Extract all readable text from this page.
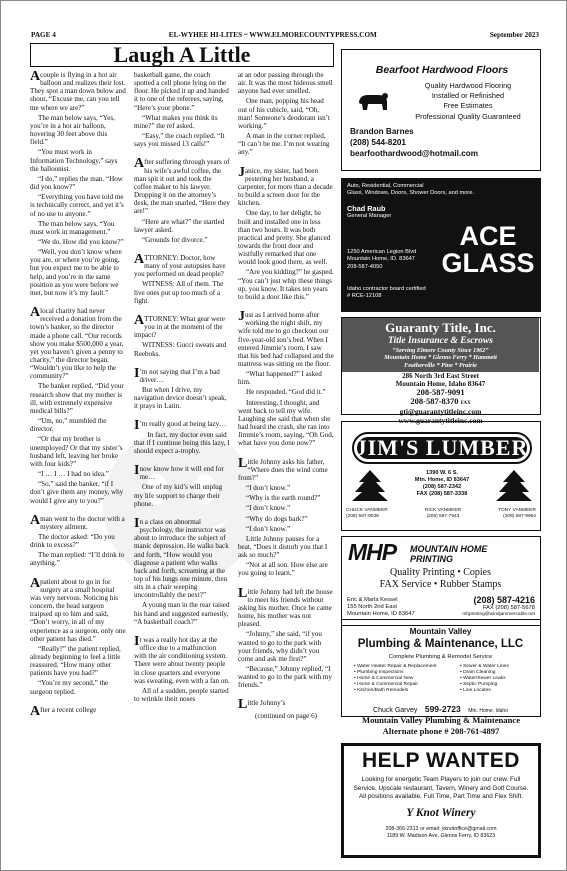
PAGE 4	EL-WYHEE HI-LITES ~ WWW.ELMORECOUNTYPRESS.COM	September 2023
Laugh A Little

A couple is flying in a hot air balloon and realizes their lost. They spot a man down below and shout, “Excuse me, can you tell me where we are?”

The man below says, “Yes, you’re in a hot air balloon, hovering 30 feet above this field.”

“You must work in Information Technology,” says the balloonist.

“I do,” replies the man. “How did you know?”

“Everything you have told me is technically correct, and yet it’s of no use to anyone.”

The man below says, “You must work in management.”

“We do. How did you know?”

“Well, you don’t know where you are, or where you’re going, but you expect me to be able to help, and you’re in the same position as you were before we met, but now it’s my fault.”

A local charity had never received a donation from the town’s banker, so the director made a phone call. “Our records show you make $500,000 a year, yet you haven’t given a penny to charity,” the director began. “Wouldn’t you like to help the community?”

The banker replied, “Did your research show that my mother is ill, with extremely expensive medical bills?”

“Um, no,” mumbled the director.

“Or that my brother is unemployed? Or that my sister’s husband left, leaving her broke with four kids?”

“I … I … I had no idea.”

“So,” said the banker, “if I don’t give them any money, why would I give any to you?”

A man went to the doctor with a mystery ailment.

The doctor asked: “Do you drink to excess?”

The man replied: “I’ll drink to anything.”

A patient about to go in for surgery at a small hospital was very nervous. Noticing his concern, the head surgeon traipsed up to him and said, “Don’t worry, in all of my experience as a surgeon, only one other patient has died.”

“Really?” the patient replied, already beginning to feel a little reassured. “How many other patients have you had?”

“You’re my second,” the surgeon replied.

After a recent college

basketball game, the coach spotted a cell phone lying on the floor. He picked it up and handed it to one of the referees, saying, “Here’s your phone.”

“What makes you think its mine?” the ref asked.

“Easy,” the coach replied. “It says you missed 13 calls!”

After suffering through years of his wife’s awful coffee, the man spit it out and took the coffee maker to his lawyer. Dropping it on the attorney’s desk, the man snarled, “Here they are!”

“Here are what?” the startled lawyer asked.

“Grounds for divorce.”

ATTORNEY: Doctor, how many of your autopsies have you performed on dead people?

WITNESS: All of them. The live ones put up too much of a fight.

ATTORNEY: What gear were you in at the moment of the impact?

WITNESS: Gucci sweats and Reeboks.

I ’m not saying that I’m a bad driver…

But when I drive, my navigation device doesn’t speak, it prays in Latin.

I ’m really good at being lazy…

In fact, my doctor even said that if I continue being this lazy, I should expect a-trophy.

I now know how it will end for me…

One of my kid’s will unplug my life support to charge their phone.

In a class on abnormal psychology, the instructor was about to introduce the subject of manic depression. He walks back and forth, “How would you diagnose a patient who walks back and forth, screaming at the top of his lungs one minute, then sits in a chair weeping uncontrollably the next?”

A young man in the rear raised his hand and suggested earnestly, “A basketball coach?”

It was a really hot day at the office due to a malfunction with the air conditioning system. There were about twenty people in close quarters and everyone was sweating, even with a fan on.

All of a sudden, people started to wrinkle their noses

at an odor passing through the air. It was the most hideous smell anyone had ever smelled.

One man, popping his head out of his cubicle, said, “Oh, man! Someone’s deodorant isn’t working.”

A man in the corner replied, “It can’t be me. I’m not wearing any.”

Janice, my sister, had been pestering her husband, a carpenter, for more than a decade to build a screen door for the kitchen.

One day, to her delight, he built and installed one in less than two hours. It was both practical and pretty. She glanced towards the front door and wistfully remarked that one would look good there, as well.

“Are you kidding?” he gasped. “You can’t just whip these things up, you know. It takes ten years to build a door like this.”

Just as I arrived home after working the night shift, my wife told me to go checkout our five-year-old son’s bed. When I entered Jimmie’s room, I saw that his bed had collapsed and the mattress was sitting on the floor.

“What happened?” I asked him.

He responded, “God did it.”

Interesting, I thought, and went back to tell my wife. Laughing she said that when she had heard the crash, she ran into Jimmie’s room, saying, “Oh God, what have you done now?”

Little Johnny asks his father, “Where does the wind come from?”

“I don’t know.”

“Why is the earth round?”

“I don’t know.”

“Why do dogs bark?”

“I don’t know.”

Little Johnny pauses for a beat, “Does it disturb you that I ask so much?”

“Not at all son. How else are you going to learn.”

Little Johnny had left the house to meet his friends without asking his mother. Once he came home, his mother was not pleased.

“Johnny,” she said, “if you wanted to go to the park with your friends, why didn’t you come and ask me first?”

“Because,” Johnny replied, “I wanted to go to the park with my friends.”

Little Johnny’s

(continued on page 6)
Bearfoot Hardwood Floors
Quality Hardwood Flooring
Installed or Refinished
Free Estimates
Professional Quality Guaranteed
Brandon Barnes
(208) 544-8201
bearfoothardwood@hotmail.com
Auto, Residential, Commercial
Glass, Windows, Doors, Shower Doors, and more.
Chad Raub
General Manager
1250 American Legion Blvd
Mountain Home, ID. 83647
208-587-4050
ACE
GLASS
Idaho contractor board certified
# RCE-12108
Guaranty Title, Inc.
Title Insurance & Escrows
“Serving Elmore County Since 1962”
Mountain Home * Glenns Ferry * Hammett
Featherville * Pine * Prairie
286 North 3rd East Street
Mountain Home, Idaho 83647
208-587-9091
208-587-8370 FAX
gti@guarantytitleinc.com
www.guarantytitleinc.com
JIM'S LUMBER
1390 W. 6 S.
Mtn. Home, ID 83647
(208) 587-2342
FAX (208) 587-3338
CHUCK VANMEER
(208) 587-9038
RICK VANMEER
(208) 587-7943
TONY VANMEER
(208) 587-9964
MHP MOUNTAIN HOME
PRINTING
Quality Printing • Copies
FAX Service • Rubber Stamps
Eric & Marla Kessel
155 North 2nd East
Mountain Home, ID 83647
(208) 587-4216
FAX (208) 587-5678
mhprinting@windjammercable.net
Mountain Valley
Plumbing & Maintenance, LLC
Complete Plumbing & Remodel Service
• Water Heater Repair & Replacement
• Plumbing Inspections
• Home & Commercial New
• Home & Commercial Repair
• Kitchen/Bath Remodels
• Sewer & Water Lines
• Drain Cleaning
• Water/Sewer Leaks
• Septic Pumping
• Line Locates
Chuck Garvey 599-2723 Mtn. Home, Idaho
Mountain Valley Plumbing & Maintenance
Alternate phone # 208-761-4897
HELP WANTED
Looking for energetic Team Players to join our crew. Full Service, Upscale restaurant, Tavern, Winery and Golf Course. All positions available, Full Time, Part Time and Flex Shift.
Y Knot Winery
208-366-2313 or email: yknotoffice@gmail.com
1189 W. Madison Ave, Glenns Ferry, ID 83623
